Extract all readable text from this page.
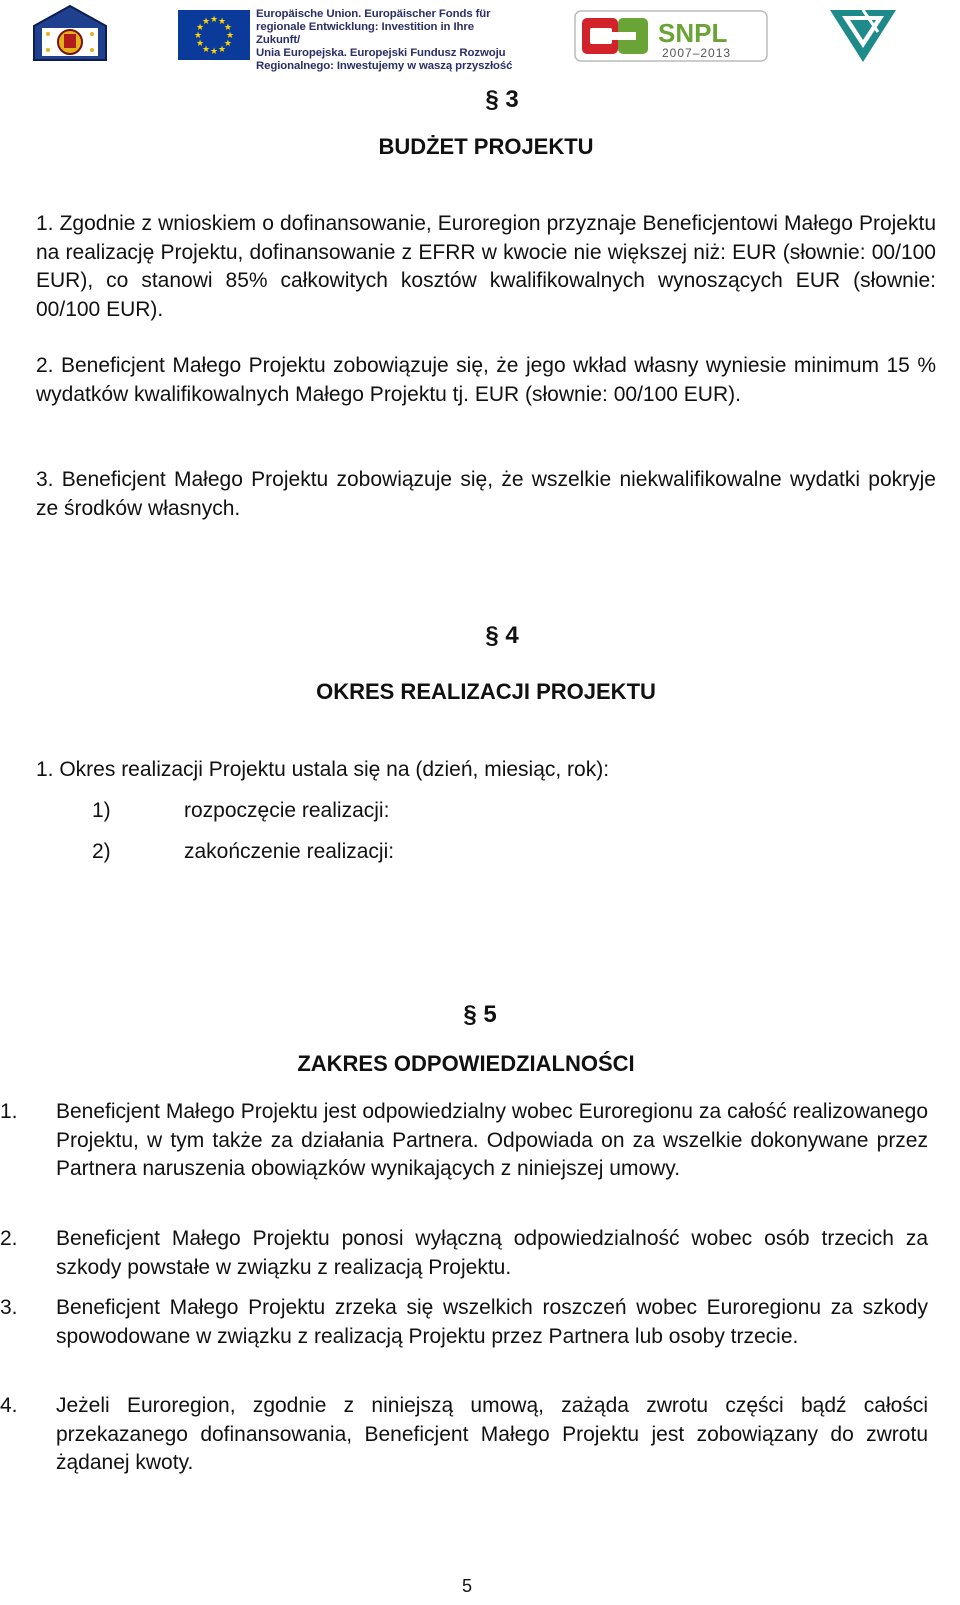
★ ★
★
★
★
★
★
★
★
★
★
★
Europäische Union. Europäischer Fonds für
regionale Entwicklung: Investition in Ihre Zukunft/
Unia Europejska. Europejski Fundusz Rozwoju
Regionalnego: Inwestujemy w waszą przyszłość
SNPL
2007–2013
§ 3
BUDŻET PROJEKTU
1. Zgodnie z wnioskiem o dofinansowanie, Euroregion przyznaje Beneficjentowi Małego Projektu na realizację Projektu, dofinansowanie z EFRR w kwocie nie większej niż: EUR (słownie: 00/100 EUR), co stanowi 85% całkowitych kosztów kwalifikowalnych wynoszących EUR (słownie: 00/100 EUR).
2. Beneficjent Małego Projektu zobowiązuje się, że jego wkład własny wyniesie minimum 15 % wydatków kwalifikowalnych Małego Projektu tj. EUR (słownie: 00/100 EUR).
3. Beneficjent Małego Projektu zobowiązuje się, że wszelkie niekwalifikowalne wydatki pokryje ze środków własnych.
§ 4
OKRES REALIZACJI PROJEKTU
1. Okres realizacji Projektu ustala się na (dzień, miesiąc, rok):
1)	rozpoczęcie realizacji:
2)	zakończenie realizacji:
§ 5
ZAKRES ODPOWIEDZIALNOŚCI
1.	Beneficjent Małego Projektu jest odpowiedzialny wobec Euroregionu za całość realizowanego Projektu, w tym także za działania Partnera. Odpowiada on za wszelkie dokonywane przez Partnera naruszenia obowiązków wynikających z niniejszej umowy.
2.	Beneficjent Małego Projektu ponosi wyłączną odpowiedzialność wobec osób trzecich za szkody powstałe w związku z realizacją Projektu.
3.	Beneficjent Małego Projektu zrzeka się wszelkich roszczeń wobec Euroregionu za szkody spowodowane w związku z realizacją Projektu przez Partnera lub osoby trzecie.
4.	Jeżeli Euroregion, zgodnie z niniejszą umową, zażąda zwrotu części bądź całości przekazanego dofinansowania, Beneficjent Małego Projektu jest zobowiązany do zwrotu żądanej kwoty.
5
